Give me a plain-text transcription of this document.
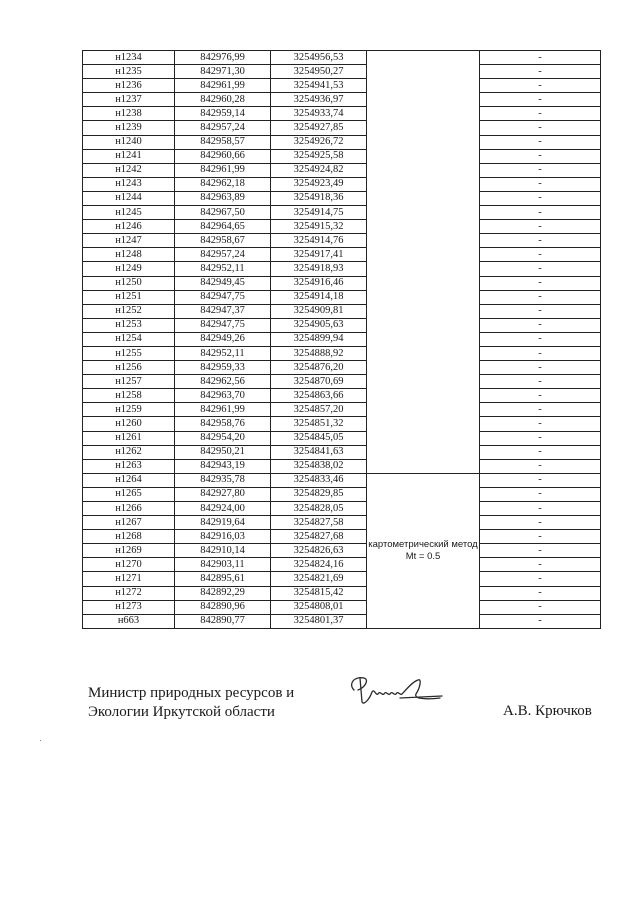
н1234	842976,99	3254956,53		-
н1235	842971,30	3254950,27		-
н1236	842961,99	3254941,53		-
н1237	842960,28	3254936,97		-
н1238	842959,14	3254933,74		-
н1239	842957,24	3254927,85		-
н1240	842958,57	3254926,72		-
н1241	842960,66	3254925,58		-
н1242	842961,99	3254924,82		-
н1243	842962,18	3254923,49		-
н1244	842963,89	3254918,36		-
н1245	842967,50	3254914,75		-
н1246	842964,65	3254915,32		-
н1247	842958,67	3254914,76		-
н1248	842957,24	3254917,41		-
н1249	842952,11	3254918,93		-
н1250	842949,45	3254916,46		-
н1251	842947,75	3254914,18		-
н1252	842947,37	3254909,81		-
н1253	842947,75	3254905,63		-
н1254	842949,26	3254899,94		-
н1255	842952,11	3254888,92		-
н1256	842959,33	3254876,20		-
н1257	842962,56	3254870,69		-
н1258	842963,70	3254863,66		-
н1259	842961,99	3254857,20		-
н1260	842958,76	3254851,32		-
н1261	842954,20	3254845,05		-
н1262	842950,21	3254841,63		-
н1263	842943,19	3254838,02		-
н1264	842935,78	3254833,46	картометрический метод Mt = 0.5	-
н1265	842927,80	3254829,85		-
н1266	842924,00	3254828,05		-
н1267	842919,64	3254827,58		-
н1268	842916,03	3254827,68		-
н1269	842910,14	3254826,63		-
н1270	842903,11	3254824,16		-
н1271	842895,61	3254821,69		-
н1272	842892,29	3254815,42		-
н1273	842890,96	3254808,01		-
н663	842890,77	3254801,37		-
Министр природных ресурсов и
Экологии Иркутской области	А.В. Крючков
